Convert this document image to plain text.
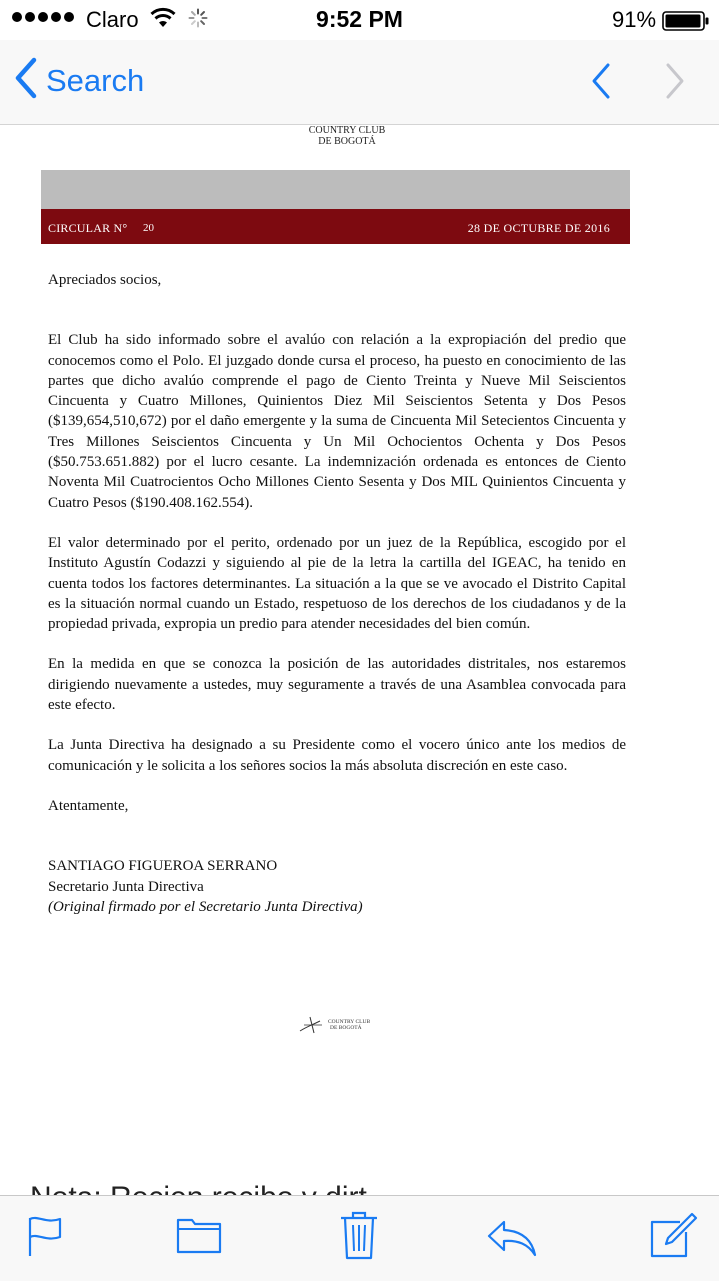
Claro	9:52 PM	91%
Search
COUNTRY CLUB
DE BOGOTÁ
CIRCULAR N° 20	28 DE OCTUBRE DE 2016

Apreciados socios,

El Club ha sido informado sobre el avalúo con relación a la expropiación del predio que conocemos como el Polo. El juzgado donde cursa el proceso, ha puesto en conocimiento de las partes que dicho avalúo comprende el pago de Ciento Treinta y Nueve Mil Seiscientos Cincuenta y Cuatro Millones, Quinientos Diez Mil Seiscientos Setenta y Dos Pesos ($139,654,510,672) por el daño emergente y la suma de Cincuenta Mil Setecientos Cincuenta y Tres Millones Seiscientos Cincuenta y Un Mil Ochocientos Ochenta y Dos Pesos ($50.753.651.882) por el lucro cesante. La indemnización ordenada es entonces de Ciento Noventa Mil Cuatrocientos Ocho Millones Ciento Sesenta y Dos MIL Quinientos Cincuenta y Cuatro Pesos ($190.408.162.554).

El valor determinado por el perito, ordenado por un juez de la República, escogido por el Instituto Agustín Codazzi y siguiendo al pie de la letra la cartilla del IGEAC, ha tenido en cuenta todos los factores determinantes. La situación a la que se ve avocado el Distrito Capital es la situación normal cuando un Estado, respetuoso de los derechos de los ciudadanos y de la propiedad privada, expropia un predio para atender necesidades del bien común.

En la medida en que se conozca la posición de las autoridades distritales, nos estaremos dirigiendo nuevamente a ustedes, muy seguramente a través de una Asamblea convocada para este efecto.

La Junta Directiva ha designado a su Presidente como el vocero único ante los medios de comunicación y le solicita a los señores socios la más absoluta discreción en este caso.

Atentamente,

SANTIAGO FIGUEROA SERRANO

Secretario Junta Directiva

(Original firmado por el Secretario Junta Directiva)

COUNTRY CLUB
DE BOGOTÁ
